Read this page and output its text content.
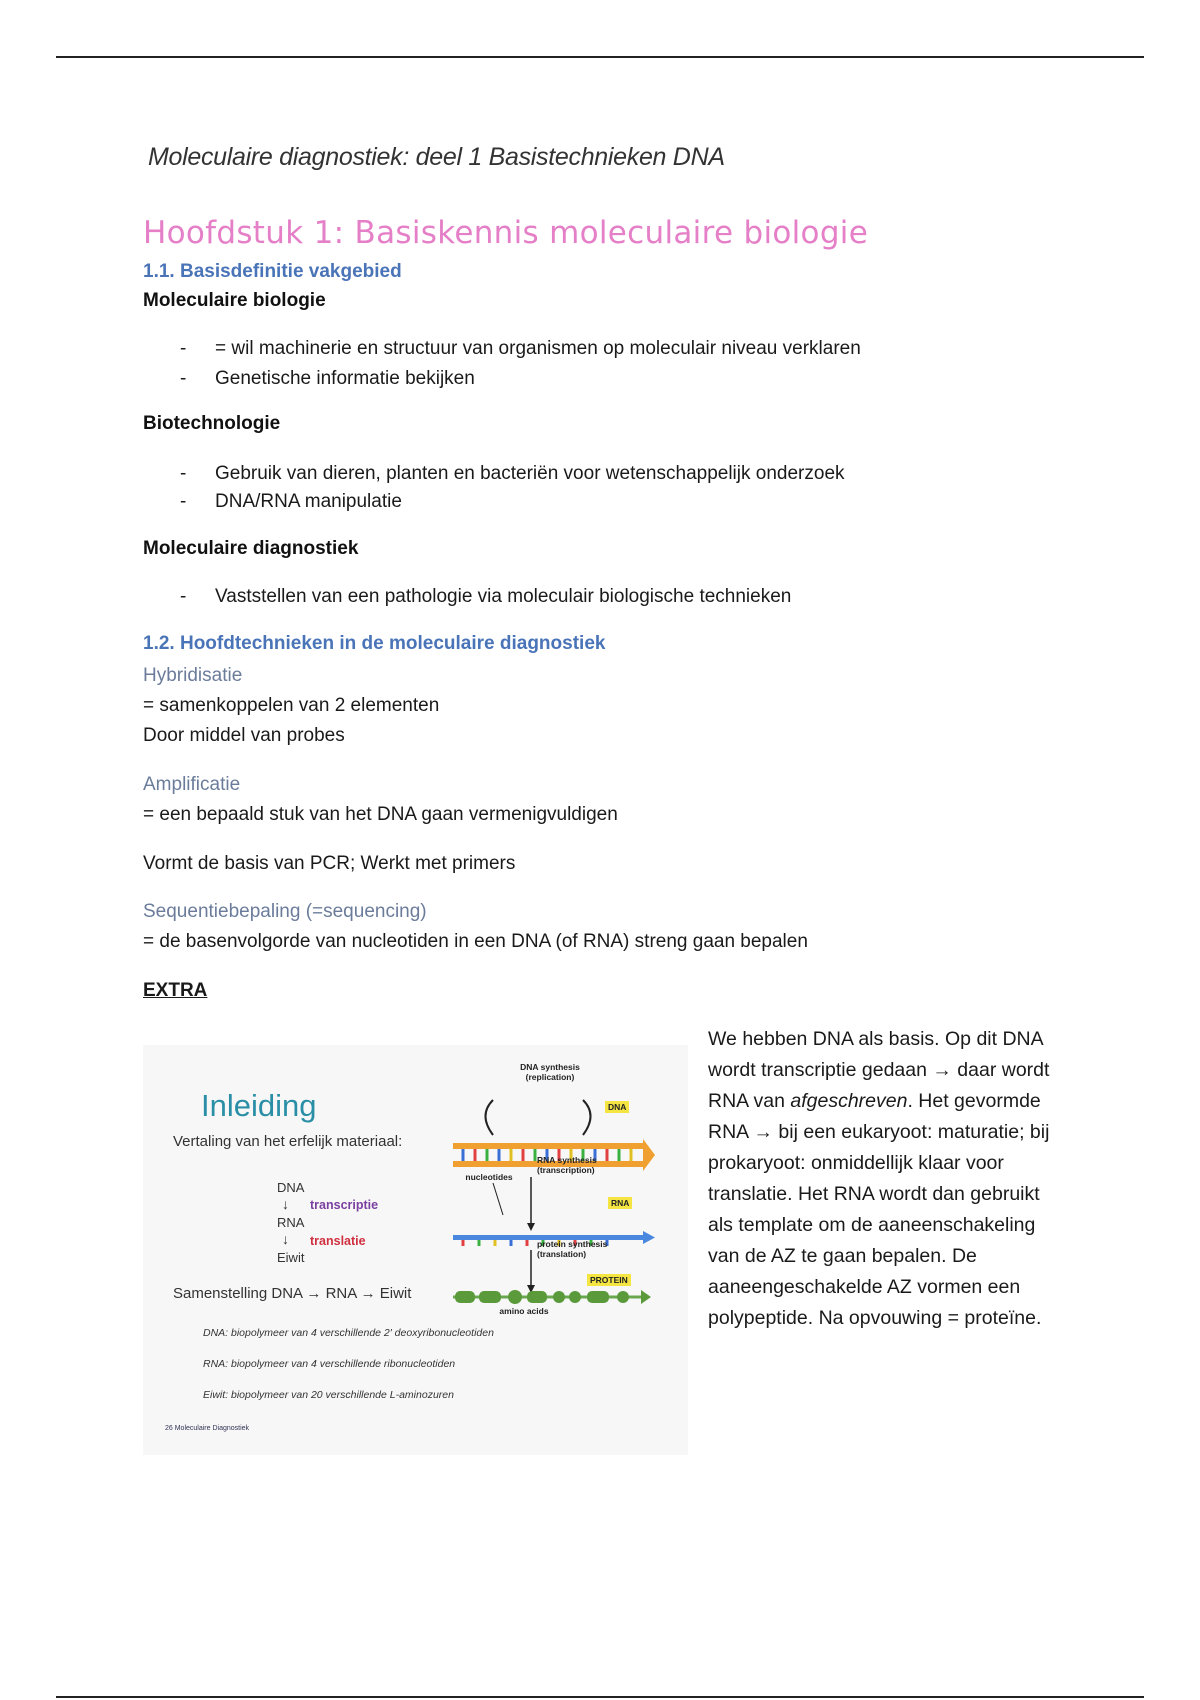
Moleculaire diagnostiek: deel 1 Basistechnieken DNA
Hoofdstuk 1: Basiskennis moleculaire biologie
1.1. Basisdefinitie vakgebied
Moleculaire biologie
- = wil machinerie en structuur van organismen op moleculair niveau verklaren
- Genetische informatie bekijken
Biotechnologie
- Gebruik van dieren, planten en bacteriën voor wetenschappelijk onderzoek
- DNA/RNA manipulatie
Moleculaire diagnostiek
- Vaststellen van een pathologie via moleculair biologische technieken
1.2. Hoofdtechnieken in de moleculaire diagnostiek
Hybridisatie
= samenkoppelen van 2 elementen
Door middel van probes
Amplificatie
= een bepaald stuk van het DNA gaan vermenigvuldigen
Vormt de basis van PCR; Werkt met primers
Sequentiebepaling (=sequencing)
= de basenvolgorde van nucleotiden in een DNA (of RNA) streng gaan bepalen
EXTRA
We hebben DNA als basis. Op dit DNA wordt transcriptie gedaan → daar wordt RNA van afgeschreven. Het gevormde RNA → bij een eukaryoot: maturatie; bij prokaryoot: onmiddellijk klaar voor translatie. Het RNA wordt dan gebruikt als template om de aaneenschakeling van de AZ te gaan bepalen. De aaneengeschakelde AZ vormen een polypeptide. Na opvouwing = proteïne.
Inleiding
Vertaling van het erfelijk materiaal:
DNA
↓ transcriptie
RNA
↓ translatie
Eiwit
Samenstelling DNA → RNA → Eiwit
DNA: biopolymeer van 4 verschillende 2' deoxyribonucleotiden
RNA: biopolymeer van 4 verschillende ribonucleotiden
Eiwit: biopolymeer van 20 verschillende L-aminozuren
26 Moleculaire Diagnostiek
DNA synthesis (replication)
DNA
nucleotides
RNA synthesis (transcription)
RNA
protein synthesis (translation)
PROTEIN
amino acids
